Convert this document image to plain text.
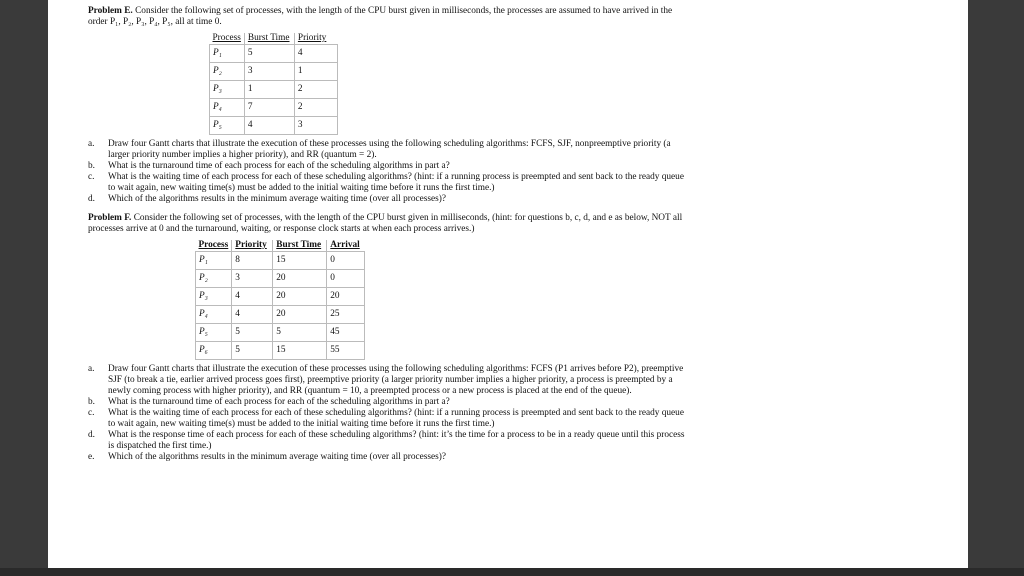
Problem E. Consider the following set of processes, with the length of the CPU burst given in milliseconds, the processes are assumed to have arrived in the order P₁, P₂, P₃, P₄, P₅, all at time 0.

Process	Burst Time	Priority
P₁	5	4
P₂	3	1
P₃	1	2
P₄	7	2
P₅	4	3
a. Draw four Gantt charts that illustrate the execution of these processes using the following scheduling algorithms: FCFS, SJF, nonpreemptive priority (a larger priority number implies a higher priority), and RR (quantum = 2).
b. What is the turnaround time of each process for each of the scheduling algorithms in part a?
c. What is the waiting time of each process for each of these scheduling algorithms? (hint: if a running process is preempted and sent back to the ready queue to wait again, new waiting time(s) must be added to the initial waiting time before it runs the first time.)
d. Which of the algorithms results in the minimum average waiting time (over all processes)?

Problem F. Consider the following set of processes, with the length of the CPU burst given in milliseconds, (hint: for questions b, c, d, and e as below, NOT all processes arrive at 0 and the turnaround, waiting, or response clock starts at when each process arrives.)

Process	Priority	Burst Time	Arrival
P₁	8	15	0
P₂	3	20	0
P₃	4	20	20
P₄	4	20	25
P₅	5	5	45
P₆	5	15	55
a. Draw four Gantt charts that illustrate the execution of these processes using the following scheduling algorithms: FCFS (P1 arrives before P2), preemptive SJF (to break a tie, earlier arrived process goes first), preemptive priority (a larger priority number implies a higher priority, a process is preempted by a newly coming process with higher priority), and RR (quantum = 10, a preempted process or a new process is placed at the end of the queue).
b. What is the turnaround time of each process for each of the scheduling algorithms in part a?
c. What is the waiting time of each process for each of these scheduling algorithms? (hint: if a running process is preempted and sent back to the ready queue to wait again, new waiting time(s) must be added to the initial waiting time before it runs the first time.)
d. What is the response time of each process for each of these scheduling algorithms? (hint: it’s the time for a process to be in a ready queue until this process is dispatched the first time.)
e. Which of the algorithms results in the minimum average waiting time (over all processes)?
